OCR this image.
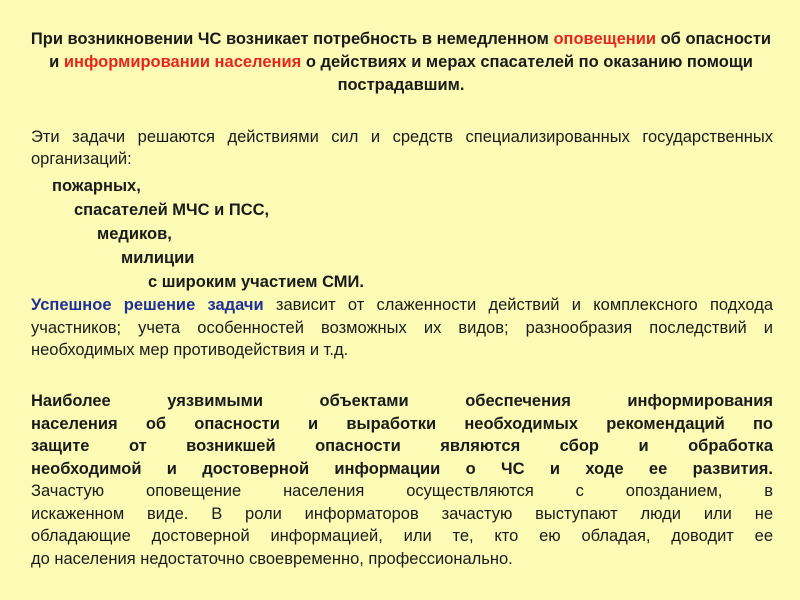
При возникновении ЧС возникает потребность в немедленном оповещении об опасности и информировании населения о действиях и мерах спасателей по оказанию помощи пострадавшим.
Эти задачи решаются действиями сил и средств специализированных государственных организаций:
пожарных,
спасателей МЧС и ПСС,
медиков,
милиции
с широким участием СМИ.
Успешное решение задачи зависит от слаженности действий и комплексного подхода участников; учета особенностей возможных их видов; разнообразия последствий и необходимых мер противодействия и т.д.
Наиболее уязвимыми объектами обеспечения информирования
населения об опасности и выработки необходимых рекомендаций по
защите от возникшей опасности являются сбор и обработка
необходимой и достоверной информации о ЧС и ходе ее развития.
Зачастую оповещение населения осуществляются с опозданием, в
искаженном виде. В роли информаторов зачастую выступают люди или не
обладающие достоверной информацией, или те, кто ею обладая, доводит ее
до населения недостаточно своевременно, профессионально.
